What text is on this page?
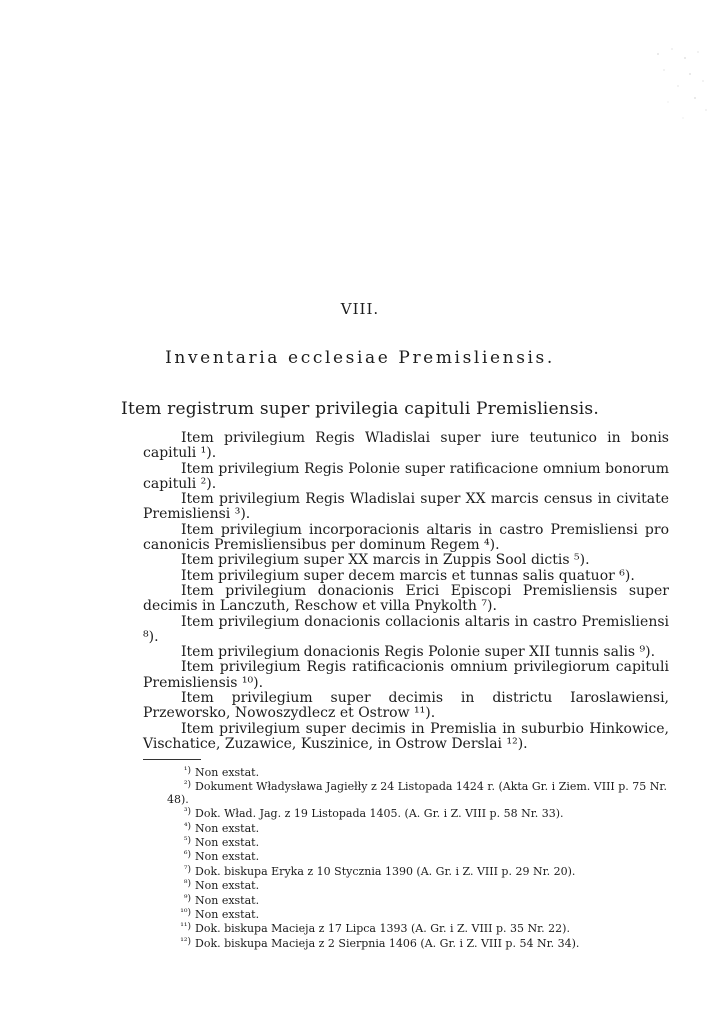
VIII.
Inventaria ecclesiae Premisliensis.
Item registrum super privilegia capituli Premisliensis.

Item privilegium Regis Wladislai super iure teutunico in bonis capituli ¹).

Item privilegium Regis Polonie super ratificacione omnium bonorum capituli ²).

Item privilegium Regis Wladislai super XX marcis census in civitate Premisliensi ³).

Item privilegium incorporacionis altaris in castro Premisliensi pro canonicis Premisliensibus per dominum Regem ⁴).

Item privilegium super XX marcis in Zuppis Sool dictis ⁵).

Item privilegium super decem marcis et tunnas salis quatuor ⁶).

Item privilegium donacionis Erici Episcopi Premisliensis super decimis in Lanczuth, Reschow et villa Pnykolth ⁷).

Item privilegium donacionis collacionis altaris in castro Premisliensi ⁸).

Item privilegium donacionis Regis Polonie super XII tunnis salis ⁹).

Item privilegium Regis ratificacionis omnium privilegiorum capituli Premisliensis ¹⁰).

Item privilegium super decimis in districtu Iaroslawiensi, Przeworsko, Nowoszydlecz et Ostrow ¹¹).

Item privilegium super decimis in Premislia in suburbio Hinkowice, Vischatice, Zuzawice, Kuszinice, in Ostrow Derslai ¹²).

¹) Non exstat.

²) Dokument Władysława Jagiełły z 24 Listopada 1424 r. (Akta Gr. i Ziem. VIII p. 75 Nr. 48).

³) Dok. Wład. Jag. z 19 Listopada 1405. (A. Gr. i Z. VIII p. 58 Nr. 33).

⁴) Non exstat.

⁵) Non exstat.

⁶) Non exstat.

⁷) Dok. biskupa Eryka z 10 Stycznia 1390 (A. Gr. i Z. VIII p. 29 Nr. 20).

⁸) Non exstat.

⁹) Non exstat.

¹⁰) Non exstat.

¹¹) Dok. biskupa Macieja z 17 Lipca 1393 (A. Gr. i Z. VIII p. 35 Nr. 22).

¹²) Dok. biskupa Macieja z 2 Sierpnia 1406 (A. Gr. i Z. VIII p. 54 Nr. 34).
